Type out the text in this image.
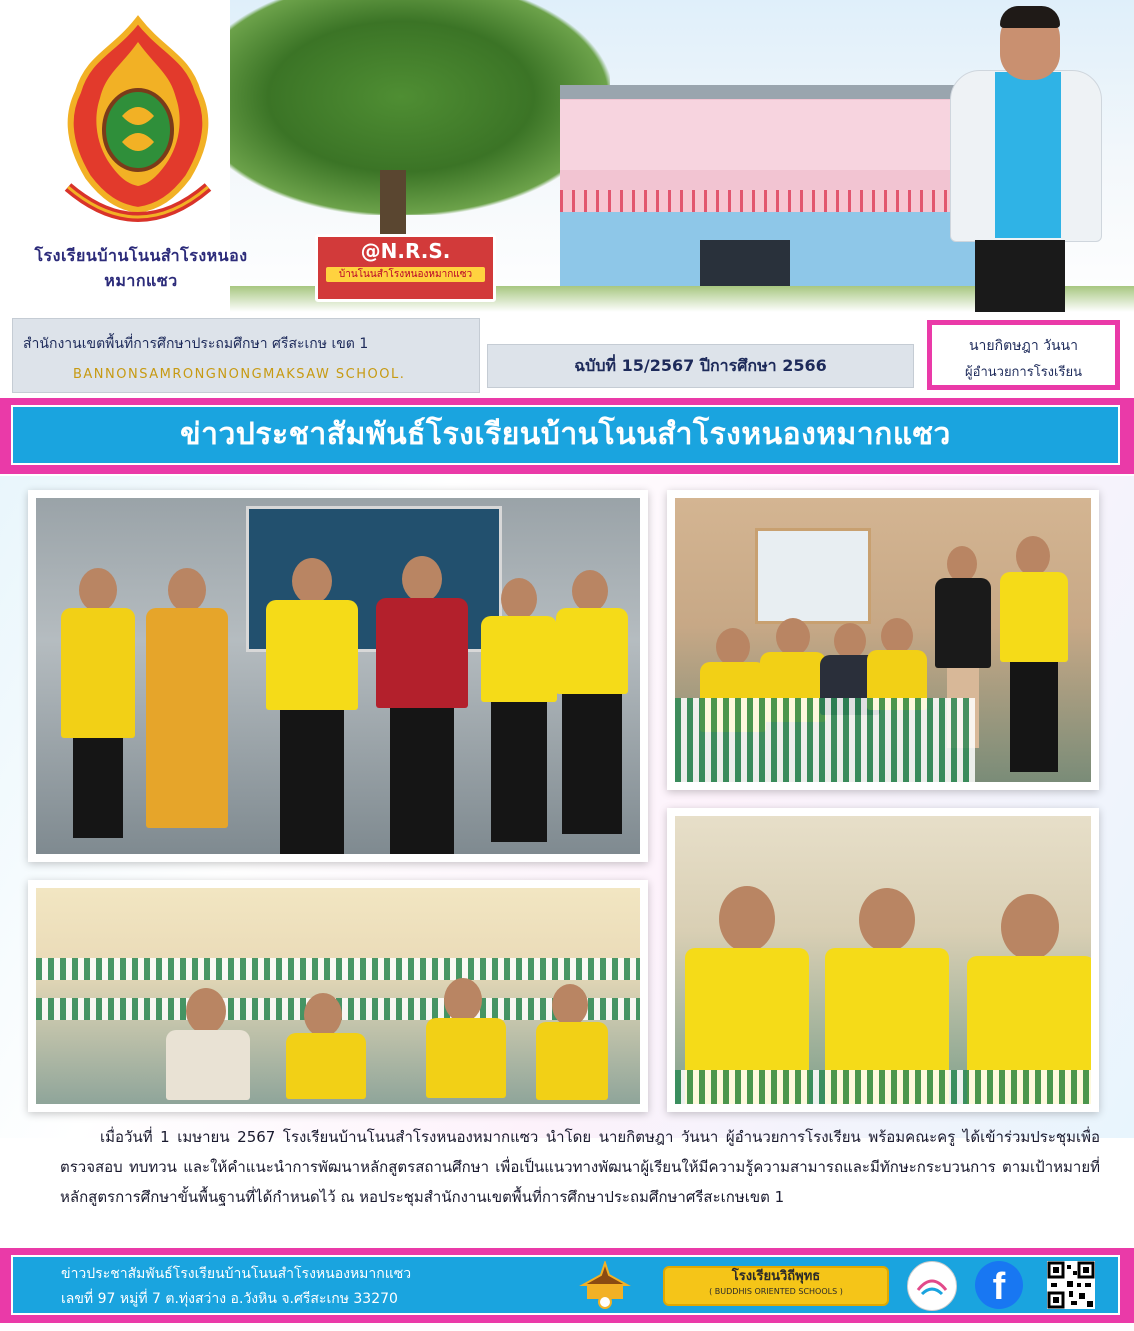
@N.R.S.
บ้านโนนสำโรงหนองหมากแซว
โรงเรียนบ้านโนนสำโรงหนองหมากแซว
สำนักงานเขตพื้นที่การศึกษาประถมศึกษา ศรีสะเกษ เขต 1
BANNONSAMRONGNONGMAKSAW SCHOOL.	ฉบับที่ 15/2567 ปีการศึกษา 2566
นายกิตษฎา วันนา
ผู้อำนวยการโรงเรียน
ข่าวประชาสัมพันธ์โรงเรียนบ้านโนนสำโรงหนองหมากแซว

เมื่อวันที่ 1 เมษายน 2567 โรงเรียนบ้านโนนสำโรงหนองหมากแซว นำโดย นายกิตษฎา วันนา ผู้อำนวยการโรงเรียน พร้อมคณะครู ได้เข้าร่วมประชุมเพื่อตรวจสอบ ทบทวน และให้คำแนะนำการพัฒนาหลักสูตรสถานศึกษา เพื่อเป็นแนวทางพัฒนาผู้เรียนให้มีความรู้ความสามารถและมีทักษะกระบวนการ ตามเป้าหมายที่หลักสูตรการศึกษาขั้นพื้นฐานที่ได้กำหนดไว้ ณ หอประชุมสำนักงานเขตพื้นที่การศึกษาประถมศึกษาศรีสะเกษเขต 1

ข่าวประชาสัมพันธ์โรงเรียนบ้านโนนสำโรงหนองหมากแซว
เลขที่ 97 หมู่ที่ 7 ต.ทุ่งสว่าง อ.วังหิน จ.ศรีสะเกษ 33270
โรงเรียนวิถีพุทธ
( BUDDHIS ORIENTED SCHOOLS )	f
